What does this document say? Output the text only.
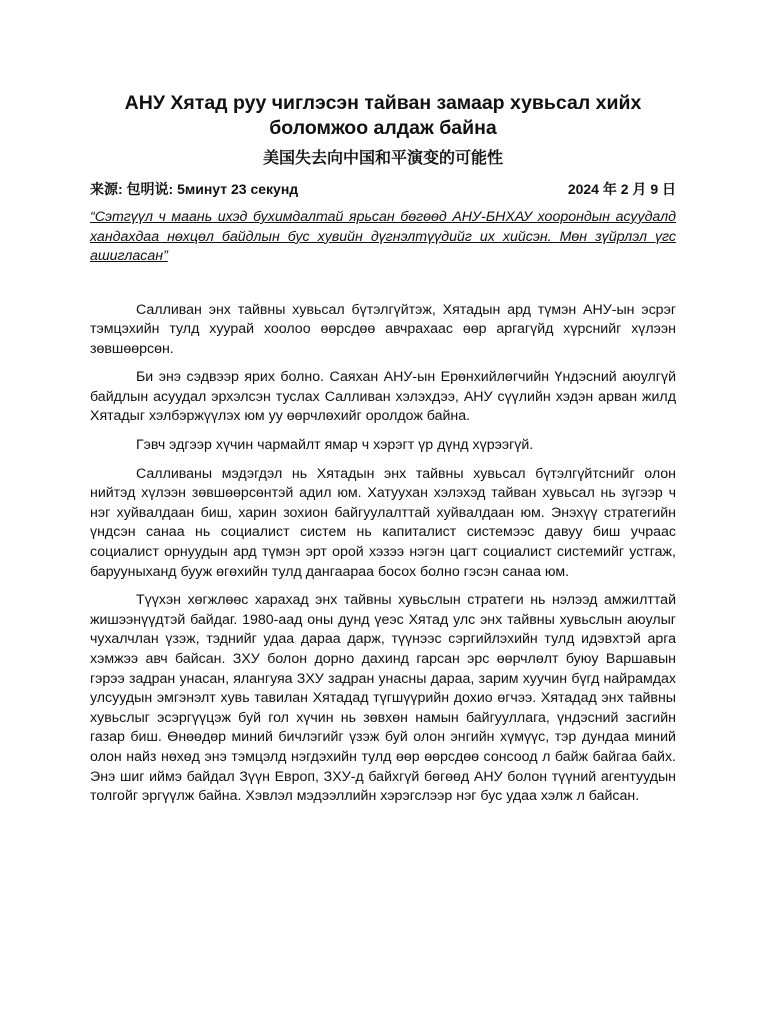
АНУ Хятад руу чиглэсэн тайван замаар хувьсал хийх боломжоо алдаж байна
美国失去向中国和平演变的可能性
来源: 包明说: 5минут 23 секунд	2024 年 2 月 9 日
“Сэтгүүл ч маань ихэд бухимдалтай ярьсан бөгөөд АНУ-БНХАУ хоорондын асуудалд хандахдаа нөхцөл байдлын бус хувийн дүгнэлтүүдийг их хийсэн. Мөн зүйрлэл үгс ашигласан”

Салливан энх тайвны хувьсал бүтэлгүйтэж, Хятадын ард түмэн АНУ-ын эсрэг тэмцэхийн тулд хуурай хоолоо өөрсдөө авчрахаас өөр аргагүйд хүрснийг хүлээн зөвшөөрсөн.

Би энэ сэдвээр ярих болно. Саяхан АНУ-ын Ерөнхийлөгчийн Үндэсний аюулгүй байдлын асуудал эрхэлсэн туслах Салливан хэлэхдээ, АНУ сүүлийн хэдэн арван жилд Хятадыг хэлбэржүүлэх юм уу өөрчлөхийг оролдож байна.

Гэвч эдгээр хүчин чармайлт ямар ч хэрэгт үр дүнд хүрээгүй.

Салливаны мэдэгдэл нь Хятадын энх тайвны хувьсал бүтэлгүйтснийг олон нийтэд хүлээн зөвшөөрсөнтэй адил юм. Хатуухан хэлэхэд тайван хувьсал нь зүгээр ч нэг хуйвалдаан биш, харин зохион байгуулалттай хуйвалдаан юм. Энэхүү стратегийн үндсэн санаа нь социалист систем нь капиталист системээс давуу биш учраас социалист орнуудын ард түмэн эрт орой хэзээ нэгэн цагт социалист системийг устгаж, барууныханд бууж өгөхийн тулд дангаараа босох болно гэсэн санаа юм.

Түүхэн хөгжлөөс харахад энх тайвны хувьслын стратеги нь нэлээд амжилттай жишээнүүдтэй байдаг. 1980-аад оны дунд үеэс Хятад улс энх тайвны хувьслын аюулыг чухалчлан үзэж, тэднийг удаа дараа дарж, түүнээс сэргийлэхийн тулд идэвхтэй арга хэмжээ авч байсан. ЗХУ болон дорно дахинд гарсан эрс өөрчлөлт буюу Варшавын гэрээ задран унасан, ялангуяа ЗХУ задран унасны дараа, зарим хуучин бүгд найрамдах улсуудын эмгэнэлт хувь тавилан Хятадад түгшүүрийн дохио өгчээ. Хятадад энх тайвны хувьслыг эсэргүүцэж буй гол хүчин нь зөвхөн намын байгууллага, үндэсний засгийн газар биш. Өнөөдөр миний бичлэгийг үзэж буй олон энгийн хүмүүс, тэр дундаа миний олон найз нөхөд энэ тэмцэлд нэгдэхийн тулд өөр өөрсдөө сонсоод л байж байгаа байх. Энэ шиг иймэ байдал Зүүн Европ, ЗХУ-д байхгүй бөгөөд АНУ болон түүний агентуудын толгойг эргүүлж байна. Хэвлэл мэдээллийн хэрэгслээр нэг бус удаа хэлж л байсан.
